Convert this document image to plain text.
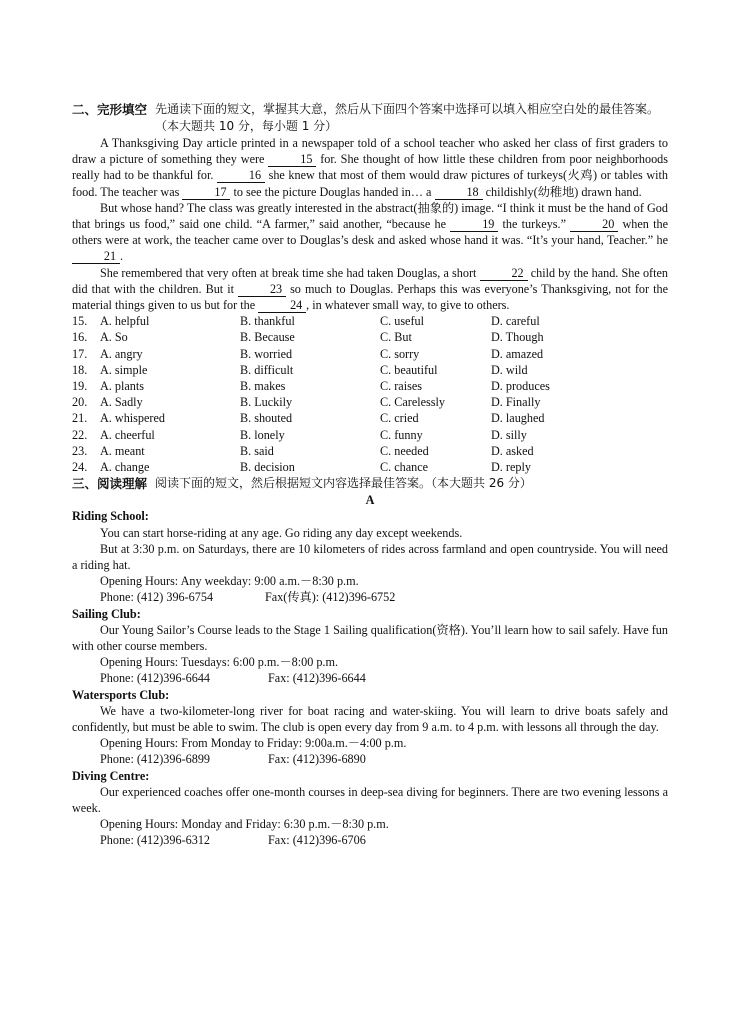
二、完形填空 先通读下面的短文，掌握其大意，然后从下面四个答案中选择可以填入相应空白处的最佳答案。（本大题共 10 分，每小题 1 分）

A Thanksgiving Day article printed in a newspaper told of a school teacher who asked her class of first graders to draw a picture of something they were	15 for. She thought of how little these children from poor neighborhoods really had to be thankful for.	16 she knew that most of them would draw pictures of turkeys(火鸡) or tables with food. The teacher was	17 to see the picture Douglas handed in… a	18 childishly(幼稚地) drawn hand.

But whose hand? The class was greatly interested in the abstract(抽象的) image. “I think it must be the hand of God that brings us food,” said one child. “A farmer,” said another, “because he	19 the turkeys.”	20 when the others were at work, the teacher came over to Douglas’s desk and asked whose hand it was. “It’s your hand, Teacher.” he 21 .

She remembered that very often at break time she had taken Douglas, a short	22 child by the hand. She often did that with the children. But it	23 so much to Douglas. Perhaps this was everyone’s Thanksgiving, not for the material things given to us but for the	24 , in whatever small way, to give to others.

15.	A. helpful	B. thankful	C. useful	D. careful
16.	A. So	B. Because	C. But	D. Though
17.	A. angry	B. worried	C. sorry	D. amazed
18.	A. simple	B. difficult	C. beautiful	D. wild
19.	A. plants	B. makes	C. raises	D. produces
20.	A. Sadly	B. Luckily	C. Carelessly	D. Finally
21.	A. whispered	B. shouted	C. cried	D. laughed
22.	A. cheerful	B. lonely	C. funny	D. silly
23.	A. meant	B. said	C. needed	D. asked
24.	A. change	B. decision	C. chance	D. reply
三、阅读理解 阅读下面的短文，然后根据短文内容选择最佳答案。（本大题共 26 分）
A
Riding School:

You can start horse-riding at any age. Go riding any day except weekends.

But at 3:30 p.m. on Saturdays, there are 10 kilometers of rides across farmland and open countryside. You will need a riding hat.

Opening Hours: Any weekday: 9:00 a.m.－8:30 p.m.
Phone: (412) 396-6754	Fax(传真): (412)396-6752
Sailing Club:

Our Young Sailor’s Course leads to the Stage 1 Sailing qualification(资格). You’ll learn how to sail safely. Have fun with other course members.

Opening Hours: Tuesdays: 6:00 p.m.－8:00 p.m.
Phone: (412)396-6644	Fax: (412)396-6644
Watersports Club:

We have a two-kilometer-long river for boat racing and water-skiing. You will learn to drive boats safely and confidently, but must be able to swim. The club is open every day from 9 a.m. to 4 p.m. with lessons all through the day.

Opening Hours: From Monday to Friday: 9:00a.m.－4:00 p.m.
Phone: (412)396-6899	Fax: (412)396-6890
Diving Centre:

Our experienced coaches offer one-month courses in deep-sea diving for beginners. There are two evening lessons a week.

Opening Hours: Monday and Friday: 6:30 p.m.－8:30 p.m.
Phone: (412)396-6312	Fax: (412)396-6706
